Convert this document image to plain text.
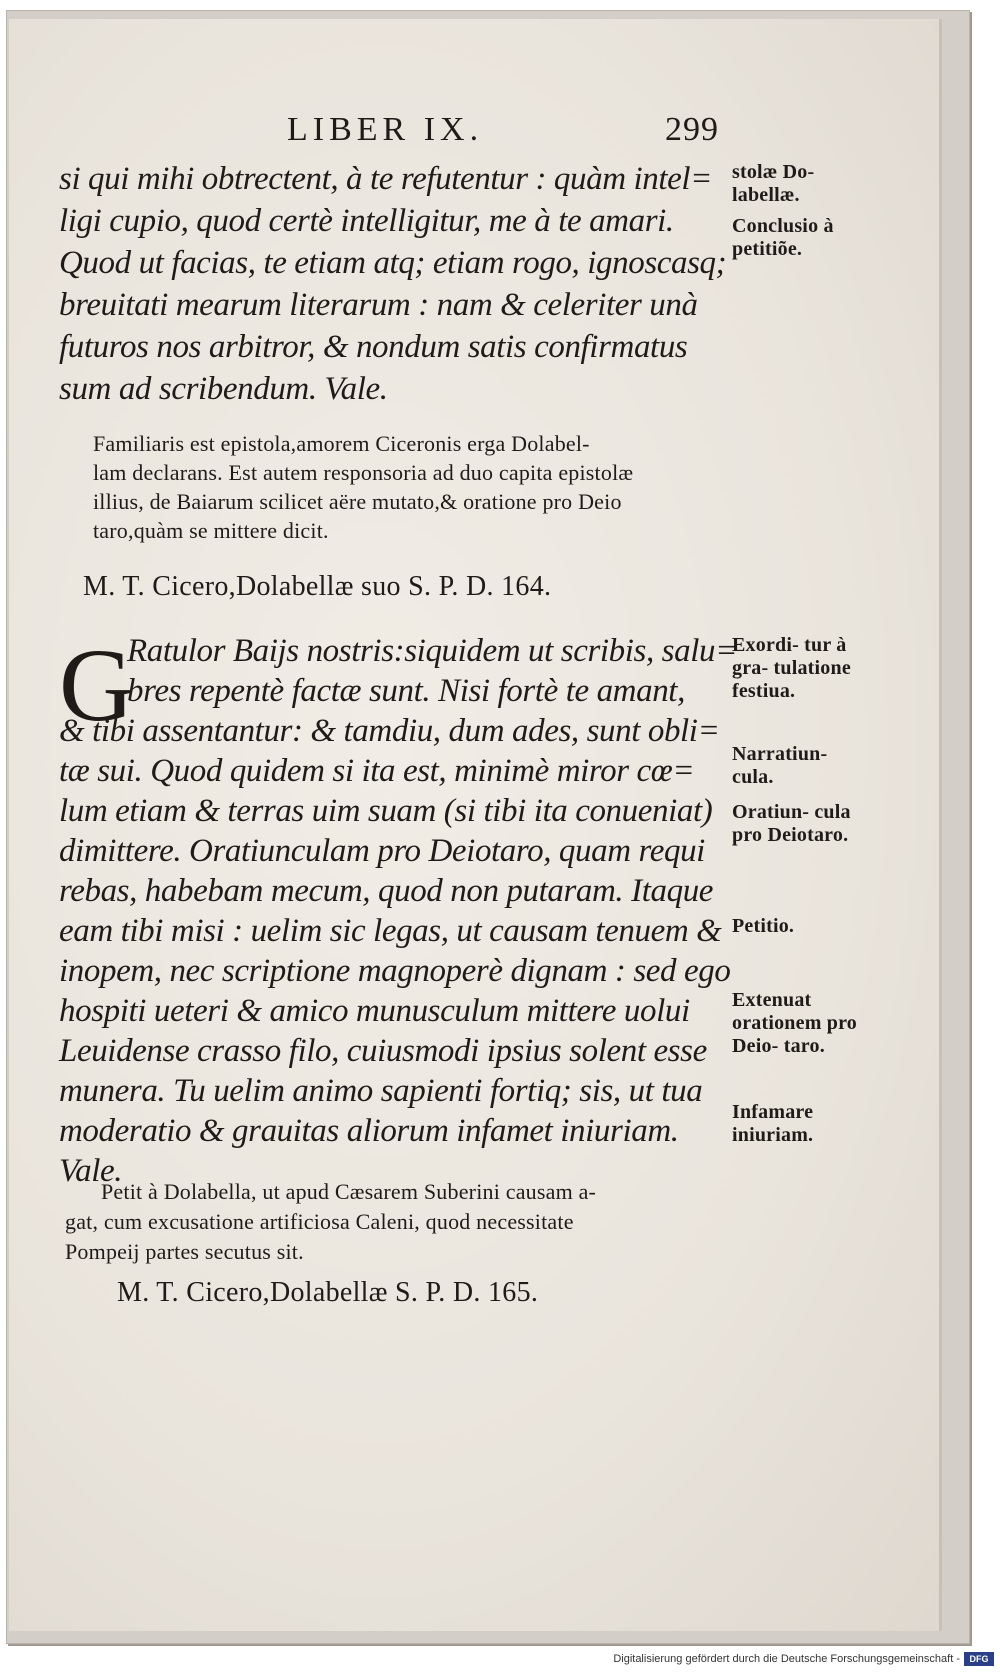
LIBER IX.	299
si qui mihi obtrectent, à te refutentur : quàm intel=
ligi cupio, quod certè intelligitur, me à te amari.
Quod ut facias, te etiam atq; etiam rogo, ignoscasq;
breuitati mearum literarum : nam & celeriter unà
futuros nos arbitror, & nondum satis confirmatus
sum ad scribendum. Vale.
Familiaris est epistola,amorem Ciceronis erga Dolabel-
lam declarans. Est autem responsoria ad duo capita epistolæ
illius, de Baiarum scilicet aëre mutato,& oratione pro Deio
taro,quàm se mittere dicit.
M. T. Cicero,Dolabellæ suo S. P. D. 164.
G
Ratulor Baijs nostris:siquidem ut scribis, salu=
bres repentè factæ sunt. Nisi fortè te amant,
& tibi assentantur: & tamdiu, dum ades, sunt obli=
tæ sui. Quod quidem si ita est, minimè miror cœ=
lum etiam & terras uim suam (si tibi ita conueniat)
dimittere. Oratiunculam pro Deiotaro, quam requi
rebas, habebam mecum, quod non putaram. Itaque
eam tibi misi : uelim sic legas, ut causam tenuem &
inopem, nec scriptione magnoperè dignam : sed ego
hospiti ueteri & amico munusculum mittere uolui
Leuidense crasso filo, cuiusmodi ipsius solent esse
munera. Tu uelim animo sapienti fortiq; sis, ut tua
moderatio & grauitas aliorum infamet iniuriam.
Vale.
Petit à Dolabella, ut apud Cæsarem Suberini causam a-
gat, cum excusatione artificiosa Caleni, quod necessitate
Pompeij partes secutus sit.
M. T. Cicero,Dolabellæ S. P. D. 165.
stolæ Do- labellæ.
Conclusio à petitiõe.
Exordi- tur à gra- tulatione festiua.
Narratiun- cula.
Oratiun- cula pro Deiotaro.
Petitio.
Extenuat orationem pro Deio- taro.
Infamare iniuriam.
Digitalisierung gefördert durch die Deutsche Forschungsgemeinschaft -	DFG
